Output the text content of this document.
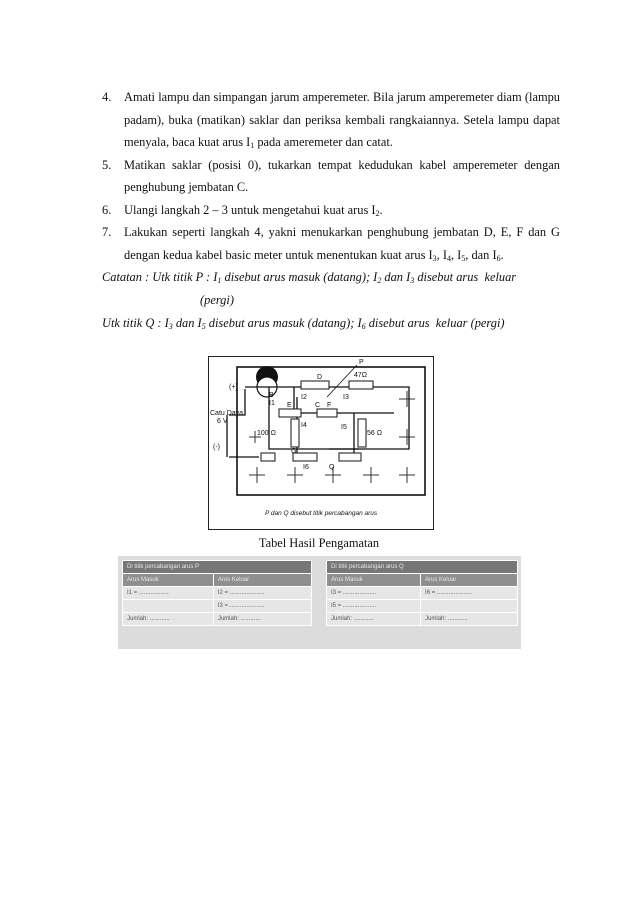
4. Amati lampu dan simpangan jarum amperemeter. Bila jarum amperemeter diam (lampu padam), buka (matikan) saklar dan periksa kembali rangkaiannya. Setela lampu dapat menyala, baca kuat arus $I_1$ pada ameremeter dan catat.
5. Matikan saklar (posisi 0), tukarkan tempat kedudukan kabel amperemeter dengan penghubung jembatan C.
6. Ulangi langkah 2 – 3 untuk mengetahui kuat arus $I_2$.
7. Lakukan seperti langkah 4, yakni menukarkan penghubung jembatan D, E, F dan G dengan kedua kabel basic meter untuk menentukan kuat arus $I_3$, $I_4$, $I_5$, dan $I_6$.
Catatan : Utk titik P : $I_1$ disebut arus masuk (datang); $I_2$ dan $I_3$ disebut arus  keluar
(pergi)
Utk titik Q : $I_3$ dan $I_5$ disebut arus masuk (datang); $I_6$ disebut arus  keluar (pergi)
(+)
Catu Daya
6 V
(-)
B
D	47Ω
P
E	C F
I1
I2	I3
I4	I5
I6
100 Ω	56 Ω
G
Q
P dan Q disebut titik percabangan arus
Tabel Hasil Pengamatan
Di titik percabangan arus P	
Arus Masuk	Arus Keluar
I1 = ..................	I2 = .....................
	I3 = .....................
Jumlah: ............	Jumlah: ............
Di titik percabangan arus Q	
Arus Masuk	Arus Keluar
I3 = ....................	I6 = .....................
I5 = ....................	
Jumlah: ............	Jumlah: ............
